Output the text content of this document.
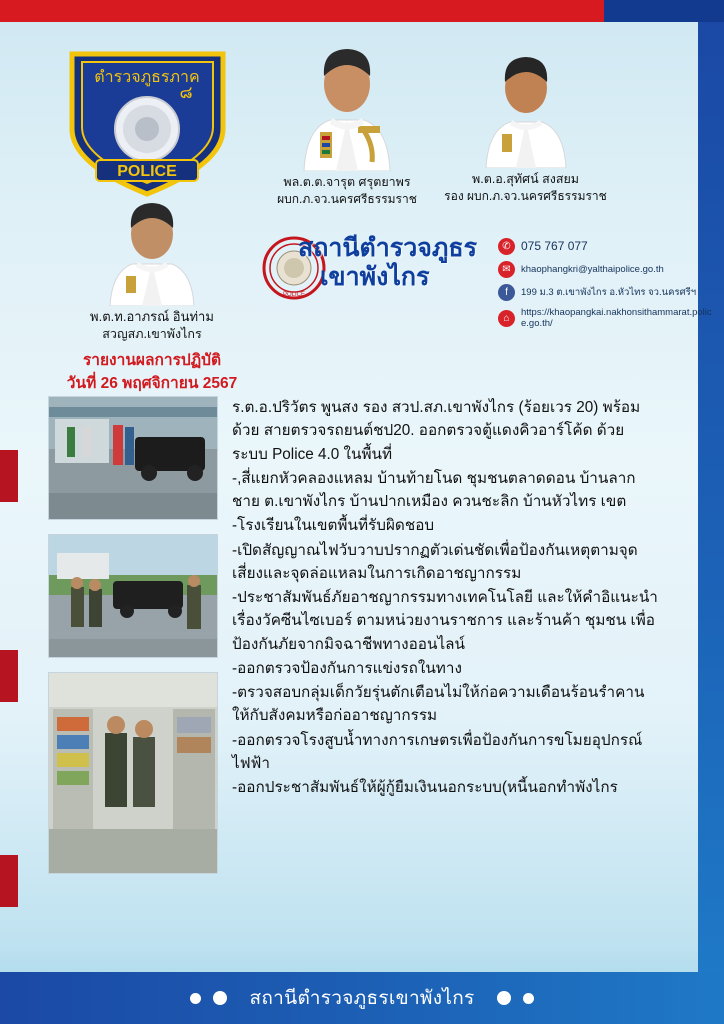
ตำรวจภูธรภาค
๘
POLICE
พล.ต.ต.จารุต ศรุตยาพร
ผบก.ภ.จว.นครศรีธรรมราช
พ.ต.อ.สุทัศน์ สงสยม
รอง ผบก.ภ.จว.นครศรีธรรมราช
พ.ต.ท.อาภรณ์ อินท่าม
สวญสภ.เขาพังไกร
รายงานผลการปฏิบัติ
วันที่ 26 พฤศจิกายน 2567
POLICE
สถานีตำรวจภูธร
เขาพังไกร
✆ 075 767 077
✉	khaophangkri@yalthaipolice.go.th
f	199 ม.3 ต.เขาพังไกร อ.หัวไทร จว.นครศรีฯ
⌂
https://khaopangkai.nakhonsithammarat.police.go.th/

ร.ต.อ.ปริวัตร พูนสง รอง สวป.สภ.เขาพังไกร (ร้อยเวร 20) พร้อมด้วย สายตรวจรถยนต์ชป20. ออกตรวจตู้แดงคิวอาร์โค้ด ด้วย ระบบ Police 4.0 ในพื้นที่

-,สี่แยกหัวคลองแหลม บ้านท้ายโนด ชุมชนตลาดดอน บ้านลากชาย ต.เขาพังไกร บ้านปากเหมือง ควนชะลิก บ้านหัวไทร เขต

-โรงเรียนในเขตพื้นที่รับผิดชอบ

-เปิดสัญญาณไฟวับวาบปรากฏตัวเด่นชัดเพื่อป้องกันเหตุตามจุดเสี่ยงและจุดล่อแหลมในการเกิดอาชญากรรม

-ประชาสัมพันธ์ภัยอาชญากรรมทางเทคโนโลยี และให้คำอิแนะนำ เรื่องวัคซีนไซเบอร์ ตามหน่วยงานราชการ และร้านค้า ชุมชน เพื่อป้องกันภัยจากมิจฉาชีพทางออนไลน์

-ออกตรวจป้องกันการแข่งรถในทาง

-ตรวจสอบกลุ่มเด็กวัยรุ่นตักเตือนไม่ให้ก่อความเดือนร้อนรำคานให้กับสังคมหรือก่ออาชญากรรม

-ออกตรวจโรงสูบน้ำทางการเกษตรเพื่อป้องกันการขโมยอุปกรณ์ไฟฟ้า

-ออกประชาสัมพันธ์ให้ผู้กู้ยืมเงินนอกระบบ(หนี้นอกทำพังไกร

สถานีตำรวจภูธรเขาพังไกร
